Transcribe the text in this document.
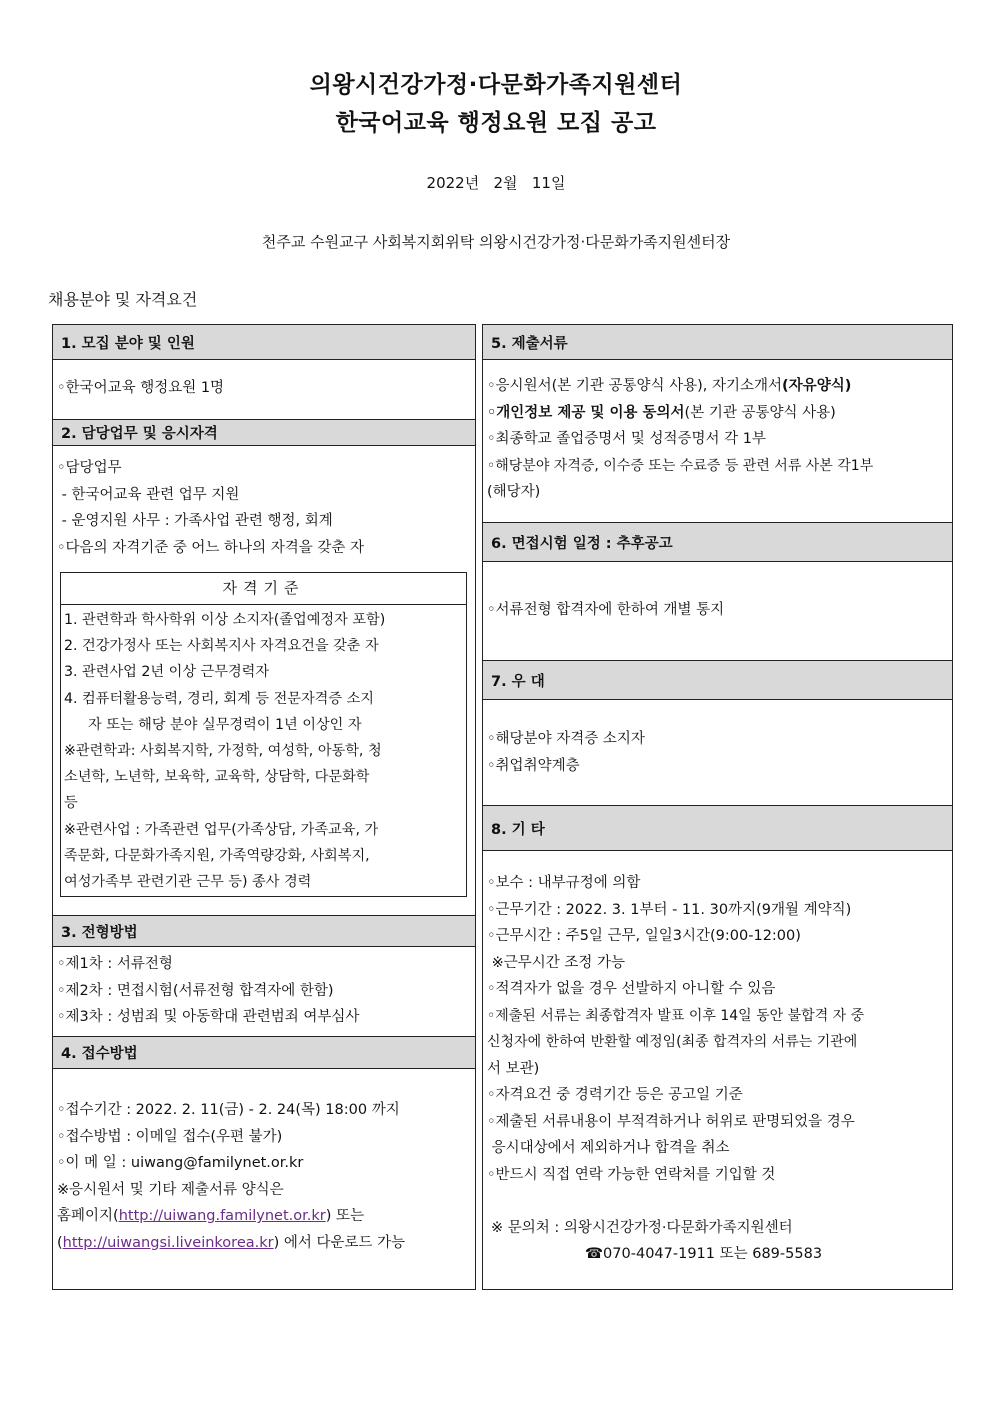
의왕시건강가정·다문화가족지원센터
한국어교육 행정요원 모집 공고
2022년   2월   11일
천주교 수원교구 사회복지회위탁 의왕시건강가정·다문화가족지원센터장
채용분야 및 자격요건
1. 모집 분야 및 인원
◦한국어교육 행정요원 1명
2. 담당업무 및 응시자격
◦담당업무
- 한국어교육 관련 업무 지원
- 운영지원 사무 : 가족사업 관련 행정, 회계
◦다음의 자격기준 중 어느 하나의 자격을 갖춘 자
자격기준
1. 관련학과 학사학위 이상 소지자(졸업예정자 포함)
2. 건강가정사 또는 사회복지사 자격요건을 갖춘 자
3. 관련사업 2년 이상 근무경력자
4. 컴퓨터활용능력, 경리, 회계 등 전문자격증 소지
자 또는 해당 분야 실무경력이 1년 이상인 자
※관련학과: 사회복지학, 가정학, 여성학, 아동학, 청
소년학, 노년학, 보육학, 교육학, 상담학, 다문화학
등
※관련사업 : 가족관련 업무(가족상담, 가족교육, 가
족문화, 다문화가족지원, 가족역량강화, 사회복지,
여성가족부 관련기관 근무 등) 종사 경력
3. 전형방법
◦제1차 : 서류전형
◦제2차 : 면접시험(서류전형 합격자에 한함)
◦제3차 : 성범죄 및 아동학대 관련범죄 여부심사
4. 접수방법
◦접수기간 : 2022. 2. 11(금) - 2. 24(목) 18:00 까지
◦접수방법 : 이메일 접수(우편 불가)
◦이 메 일 : uiwang@familynet.or.kr
※응시원서 및 기타 제출서류 양식은
홈페이지(http://uiwang.familynet.or.kr) 또는
(http://uiwangsi.liveinkorea.kr) 에서 다운로드 가능
5. 제출서류
◦응시원서(본 기관 공통양식 사용), 자기소개서(자유양식)
◦개인정보 제공 및 이용 동의서(본 기관 공통양식 사용)
◦최종학교 졸업증명서 및 성적증명서 각 1부
◦해당분야 자격증, 이수증 또는 수료증 등 관련 서류 사본 각1부
(해당자)
6. 면접시험 일정 : 추후공고
◦서류전형 합격자에 한하여 개별 통지
7. 우 대
◦해당분야 자격증 소지자
◦취업취약계층
8. 기 타
◦보수 : 내부규정에 의함
◦근무기간 : 2022. 3. 1부터 - 11. 30까지(9개월 계약직)
◦근무시간 : 주5일 근무, 일일3시간(9:00-12:00)
※근무시간 조정 가능
◦적격자가 없을 경우 선발하지 아니할 수 있음
◦제출된 서류는 최종합격자 발표 이후 14일 동안 불합격 자 중
신청자에 한하여 반환할 예정임(최종 합격자의 서류는 기관에
서 보관)
◦자격요건 중 경력기간 등은 공고일 기준
◦제출된 서류내용이 부적격하거나 허위로 판명되었을 경우
응시대상에서 제외하거나 합격을 취소
◦반드시 직접 연락 가능한 연락처를 기입할 것
※ 문의처 : 의왕시건강가정·다문화가족지원센터
☎070-4047-1911 또는 689-5583
